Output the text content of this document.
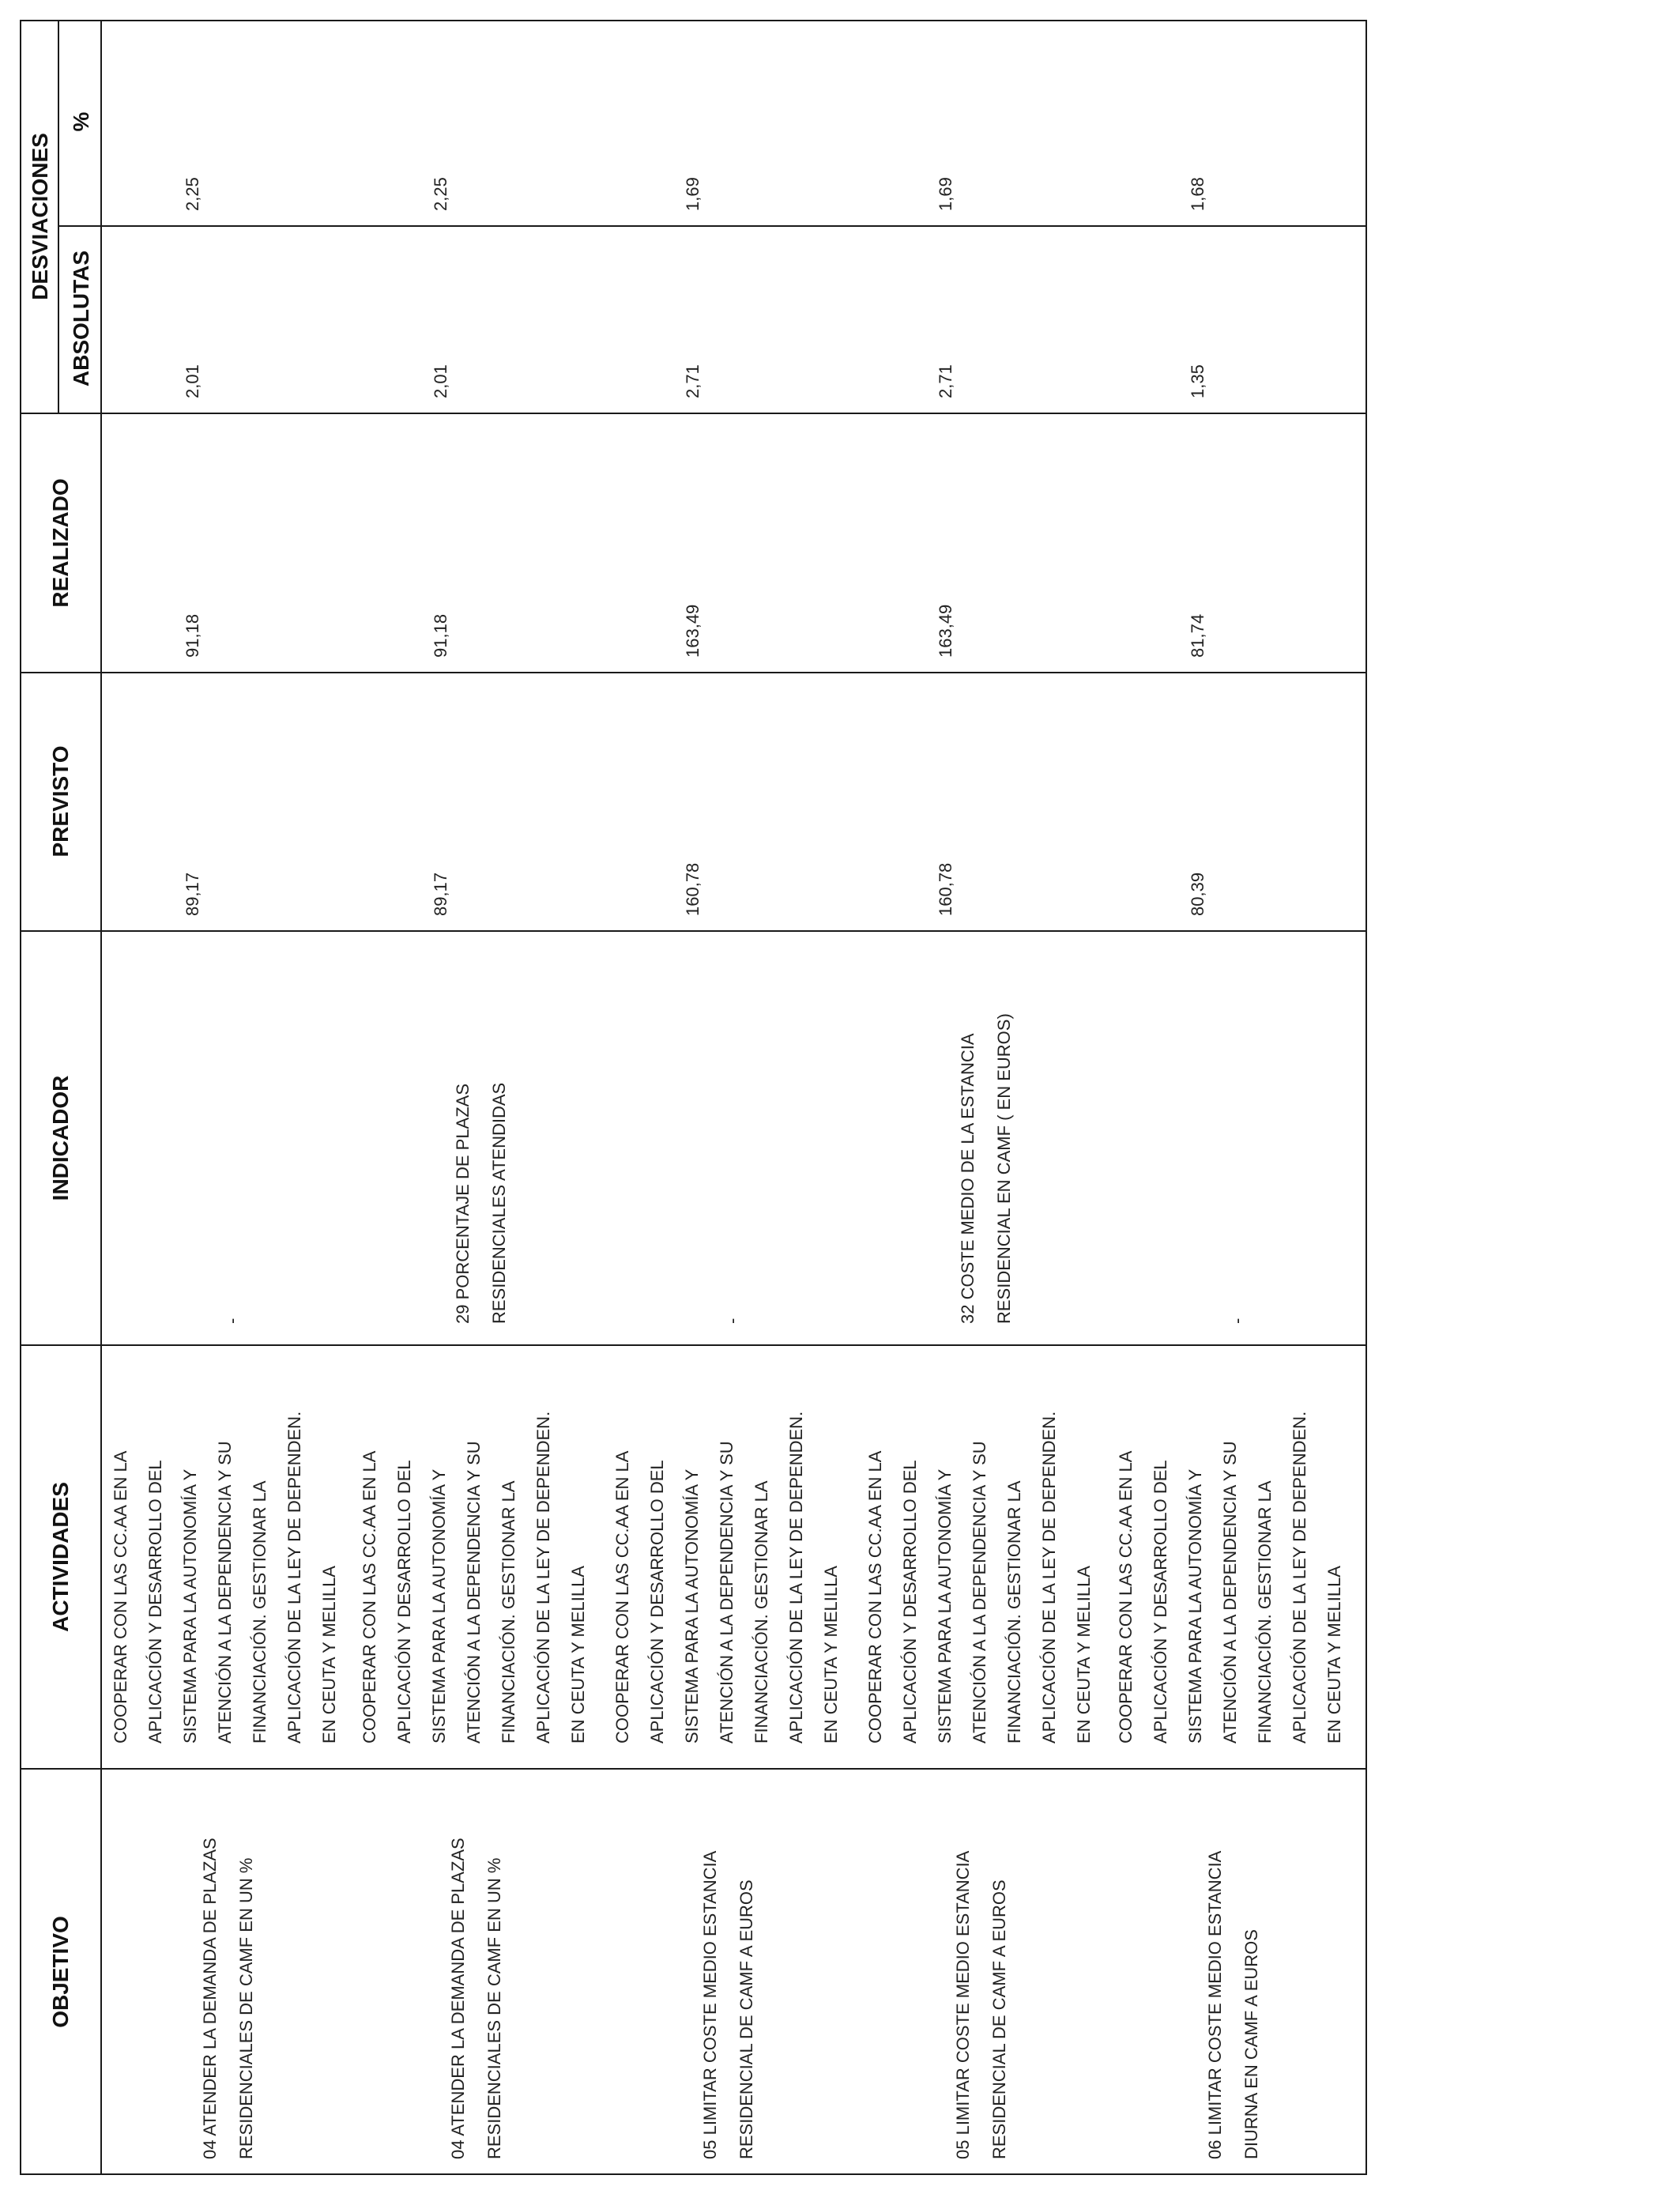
OBJETIVO
ACTIVIDADES
INDICADOR
PREVISTO
REALIZADO
DESVIACIONES
ABSOLUTAS
%
04 ATENDER LA DEMANDA DE PLAZAS RESIDENCIALES DE CAMF EN UN %
COOPERAR CON LAS CC.AA EN LA APLICACIÓN Y DESARROLLO DEL SISTEMA PARA LA AUTONOMÍA Y ATENCIÓN A LA DEPENDENCIA Y SU FINANCIACIÓN. GESTIONAR LA APLICACIÓN DE LA LEY DE DEPENDEN. EN CEUTA Y MELILLA
-
89,17
91,18
2,01
2,25
04 ATENDER LA DEMANDA DE PLAZAS RESIDENCIALES DE CAMF EN UN %
COOPERAR CON LAS CC.AA EN LA APLICACIÓN Y DESARROLLO DEL SISTEMA PARA LA AUTONOMÍA Y ATENCIÓN A LA DEPENDENCIA Y SU FINANCIACIÓN. GESTIONAR LA APLICACIÓN DE LA LEY DE DEPENDEN. EN CEUTA Y MELILLA
29 PORCENTAJE DE PLAZAS RESIDENCIALES ATENDIDAS
89,17
91,18
2,01
2,25
05 LIMITAR COSTE MEDIO ESTANCIA RESIDENCIAL DE CAMF A EUROS
COOPERAR CON LAS CC.AA EN LA APLICACIÓN Y DESARROLLO DEL SISTEMA PARA LA AUTONOMÍA Y ATENCIÓN A LA DEPENDENCIA Y SU FINANCIACIÓN. GESTIONAR LA APLICACIÓN DE LA LEY DE DEPENDEN. EN CEUTA Y MELILLA
-
160,78
163,49
2,71
1,69
05 LIMITAR COSTE MEDIO ESTANCIA RESIDENCIAL DE CAMF A EUROS
COOPERAR CON LAS CC.AA EN LA APLICACIÓN Y DESARROLLO DEL SISTEMA PARA LA AUTONOMÍA Y ATENCIÓN A LA DEPENDENCIA Y SU FINANCIACIÓN. GESTIONAR LA APLICACIÓN DE LA LEY DE DEPENDEN. EN CEUTA Y MELILLA
32 COSTE MEDIO DE LA ESTANCIA RESIDENCIAL EN CAMF ( EN EUROS)
160,78
163,49
2,71
1,69
06 LIMITAR COSTE MEDIO ESTANCIA DIURNA EN CAMF A EUROS
COOPERAR CON LAS CC.AA EN LA APLICACIÓN Y DESARROLLO DEL SISTEMA PARA LA AUTONOMÍA Y ATENCIÓN A LA DEPENDENCIA Y SU FINANCIACIÓN. GESTIONAR LA APLICACIÓN DE LA LEY DE DEPENDEN. EN CEUTA Y MELILLA
-
80,39
81,74
1,35
1,68
